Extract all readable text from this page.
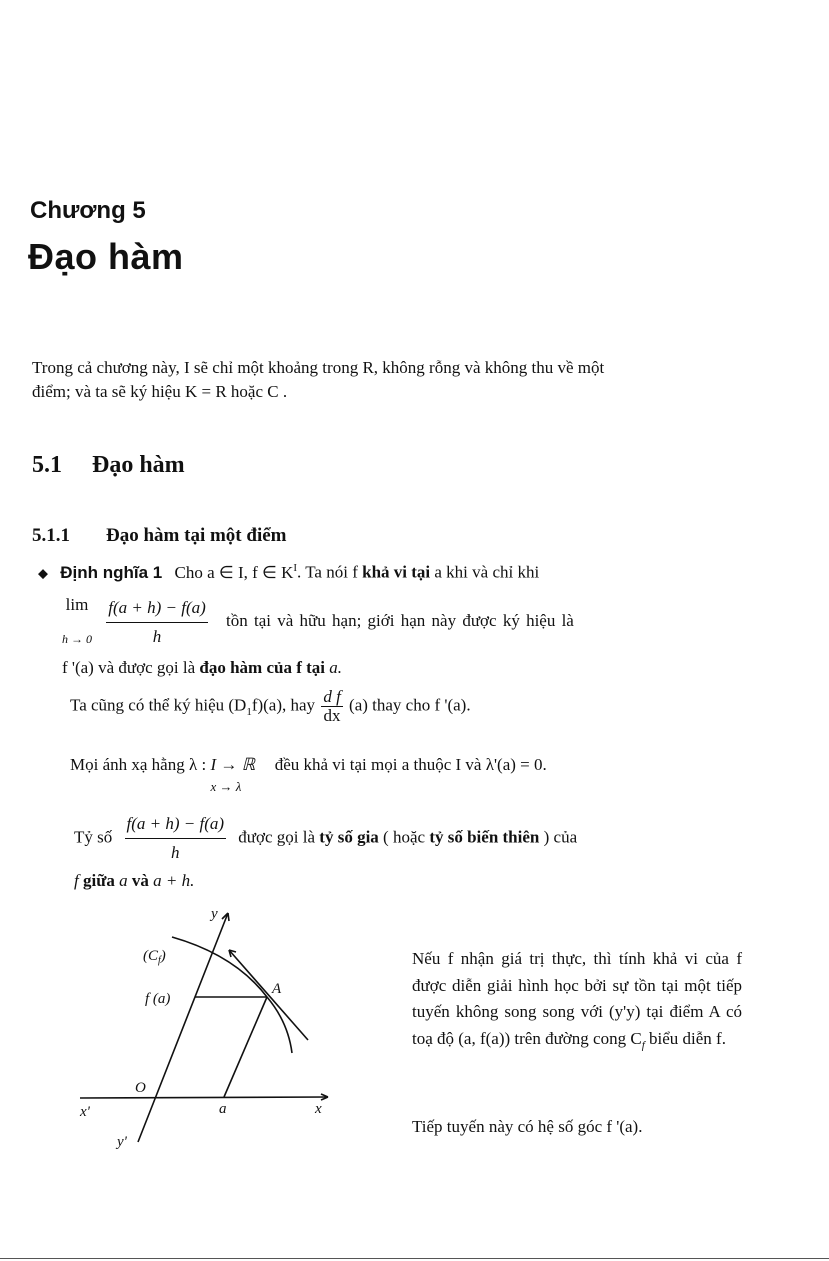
Chương 5
Đạo hàm
Trong cả chương này, I sẽ chỉ một khoảng trong R, không rỗng và không thu về một
điểm; và ta sẽ ký hiệu K = R hoặc C .
5.1 Đạo hàm
5.1.1 Đạo hàm tại một điểm
◆ Định nghĩa 1 Cho a ∈ I, f ∈ $K^I$. Ta nói f khả vi tại a khi và chỉ khi
lim
h → 0
$\frac{f(a + h) - f(a)}{h}$ tồn tại và hữu hạn; giới hạn này được ký hiệu là
f '(a) và được gọi là đạo hàm của f tại a.
Ta cũng có thể ký hiệu $(D_1f)(a)$, hay $\frac{\text{d f}}{dx} (a)$ thay cho f '(a).
Mọi ánh xạ hằng λ : I → ℝ
x → λ
đều khả vi tại mọi a thuộc I và λ'(a) = 0.
Tỷ số $\frac{f(a + h) - f(a)}{h}$ được gọi là tỷ số gia ( hoặc tỷ số biến thiên ) của
f giữa a và a + h.
y
$(C_f)$
f (a)
A
O
x'	a	x
y'
Nếu f nhận giá trị thực, thì tính khả vi của f được diễn giải hình học bởi sự tồn tại một tiếp tuyến không song song với (y'y) tại điểm A có toạ độ (a, f(a)) trên đường cong $C_f$ biểu diễn f.
Tiếp tuyến này có hệ số góc f '(a).
